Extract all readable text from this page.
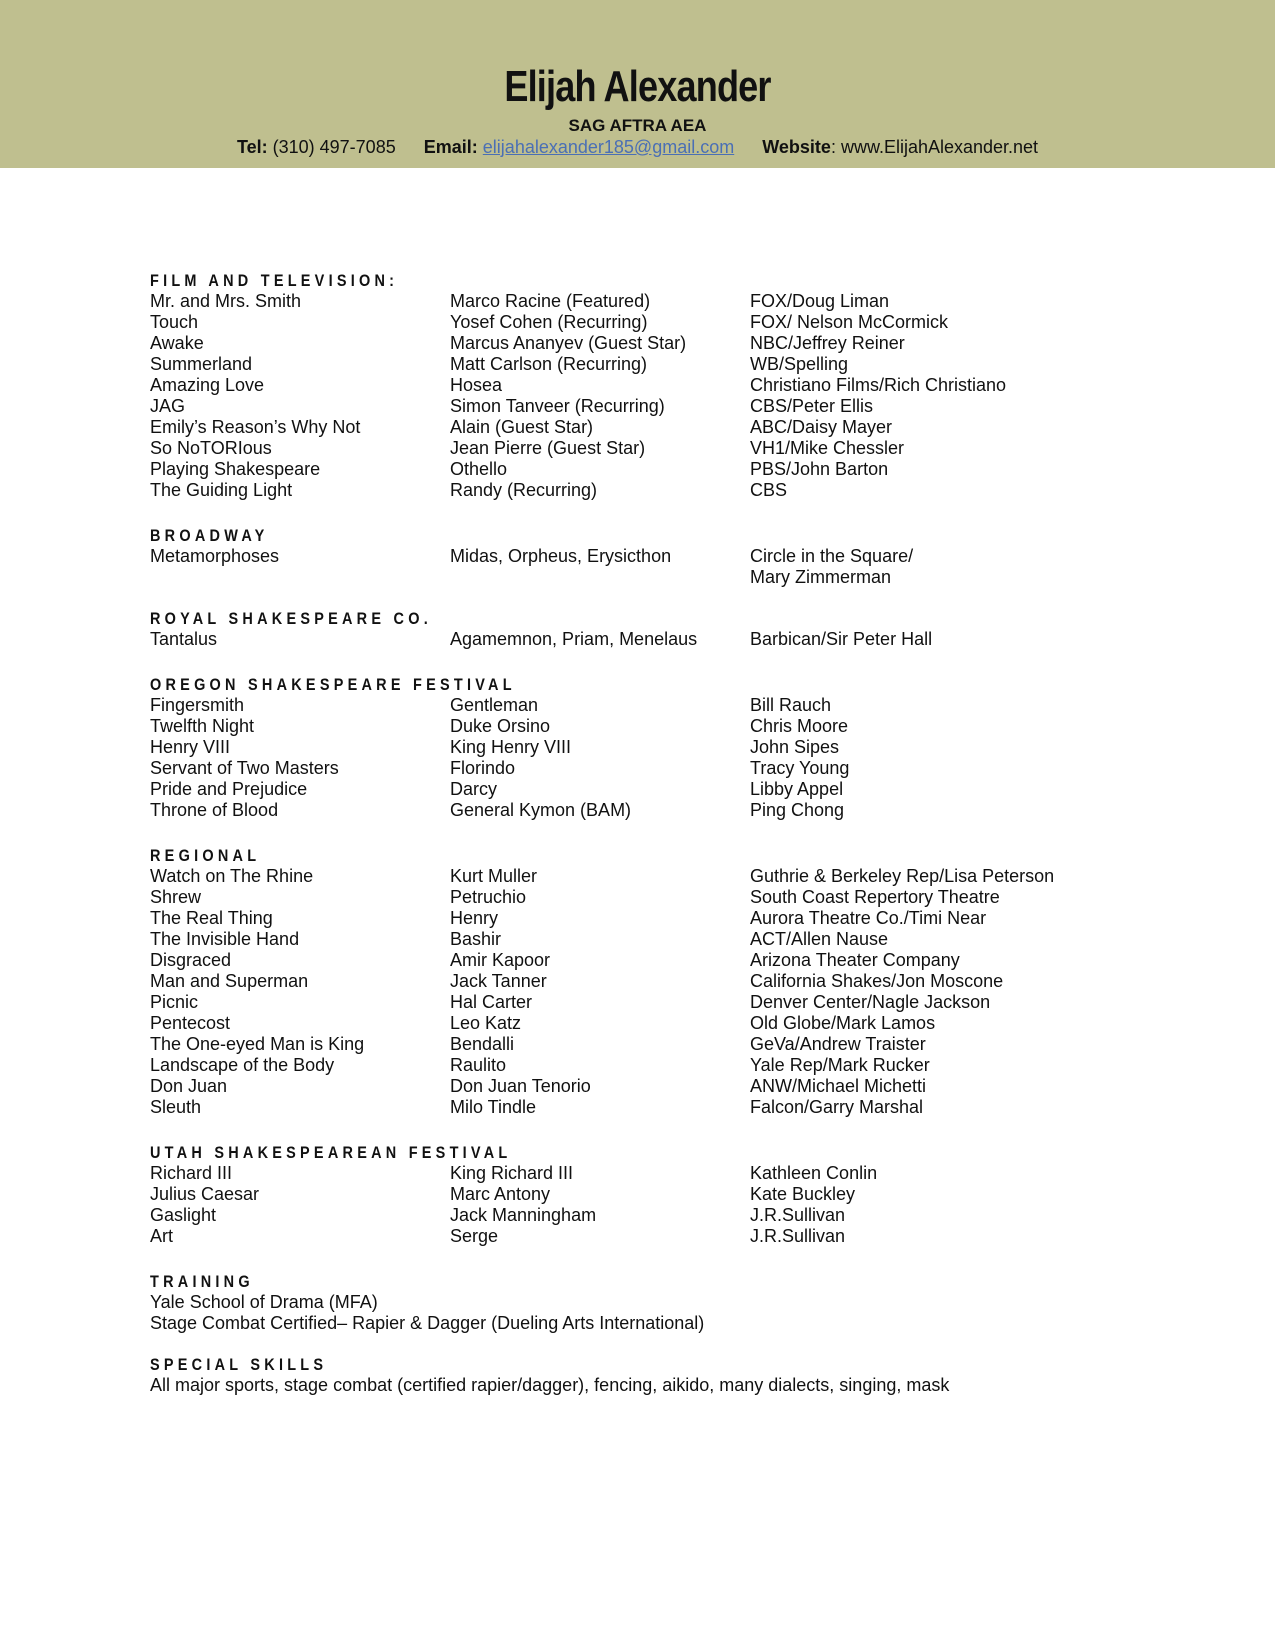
Elijah Alexander
SAG AFTRA AEA
Tel: (310) 497-7085 Email: elijahalexander185@gmail.com Website: www.ElijahAlexander.net
FILM AND TELEVISION:
Mr. and Mrs. Smith	Marco Racine (Featured)	FOX/Doug Liman
Touch	Yosef Cohen (Recurring)	FOX/ Nelson McCormick
Awake	Marcus Ananyev (Guest Star)	NBC/Jeffrey Reiner
Summerland	Matt Carlson (Recurring)	WB/Spelling
Amazing Love	Hosea	Christiano Films/Rich Christiano
JAG	Simon Tanveer (Recurring)	CBS/Peter Ellis
Emily’s Reason’s Why Not	Alain (Guest Star)	ABC/Daisy Mayer
So NoTORIous	Jean Pierre (Guest Star)	VH1/Mike Chessler
Playing Shakespeare	Othello	PBS/John Barton
The Guiding Light	Randy (Recurring)	CBS
BROADWAY
Metamorphoses	Midas, Orpheus, Erysicthon	Circle in the Square/
Mary Zimmerman
ROYAL SHAKESPEARE CO.
Tantalus	Agamemnon, Priam, Menelaus	Barbican/Sir Peter Hall
OREGON SHAKESPEARE FESTIVAL
Fingersmith	Gentleman	Bill Rauch
Twelfth Night	Duke Orsino	Chris Moore
Henry VIII	King Henry VIII	John Sipes
Servant of Two Masters	Florindo	Tracy Young
Pride and Prejudice	Darcy	Libby Appel
Throne of Blood	General Kymon (BAM)	Ping Chong
REGIONAL
Watch on The Rhine	Kurt Muller	Guthrie & Berkeley Rep/Lisa Peterson
Shrew	Petruchio	South Coast Repertory Theatre
The Real Thing	Henry	Aurora Theatre Co./Timi Near
The Invisible Hand	Bashir	ACT/Allen Nause
Disgraced	Amir Kapoor	Arizona Theater Company
Man and Superman	Jack Tanner	California Shakes/Jon Moscone
Picnic	Hal Carter	Denver Center/Nagle Jackson
Pentecost	Leo Katz	Old Globe/Mark Lamos
The One-eyed Man is King	Bendalli	GeVa/Andrew Traister
Landscape of the Body	Raulito	Yale Rep/Mark Rucker
Don Juan	Don Juan Tenorio	ANW/Michael Michetti
Sleuth	Milo Tindle	Falcon/Garry Marshal
UTAH SHAKESPEAREAN FESTIVAL
Richard III	King Richard III	Kathleen Conlin
Julius Caesar	Marc Antony	Kate Buckley
Gaslight	Jack Manningham	J.R.Sullivan
Art	Serge	J.R.Sullivan
TRAINING
Yale School of Drama (MFA)
Stage Combat Certified– Rapier & Dagger (Dueling Arts International)
SPECIAL SKILLS
All major sports, stage combat (certified rapier/dagger), fencing, aikido, many dialects, singing, mask
